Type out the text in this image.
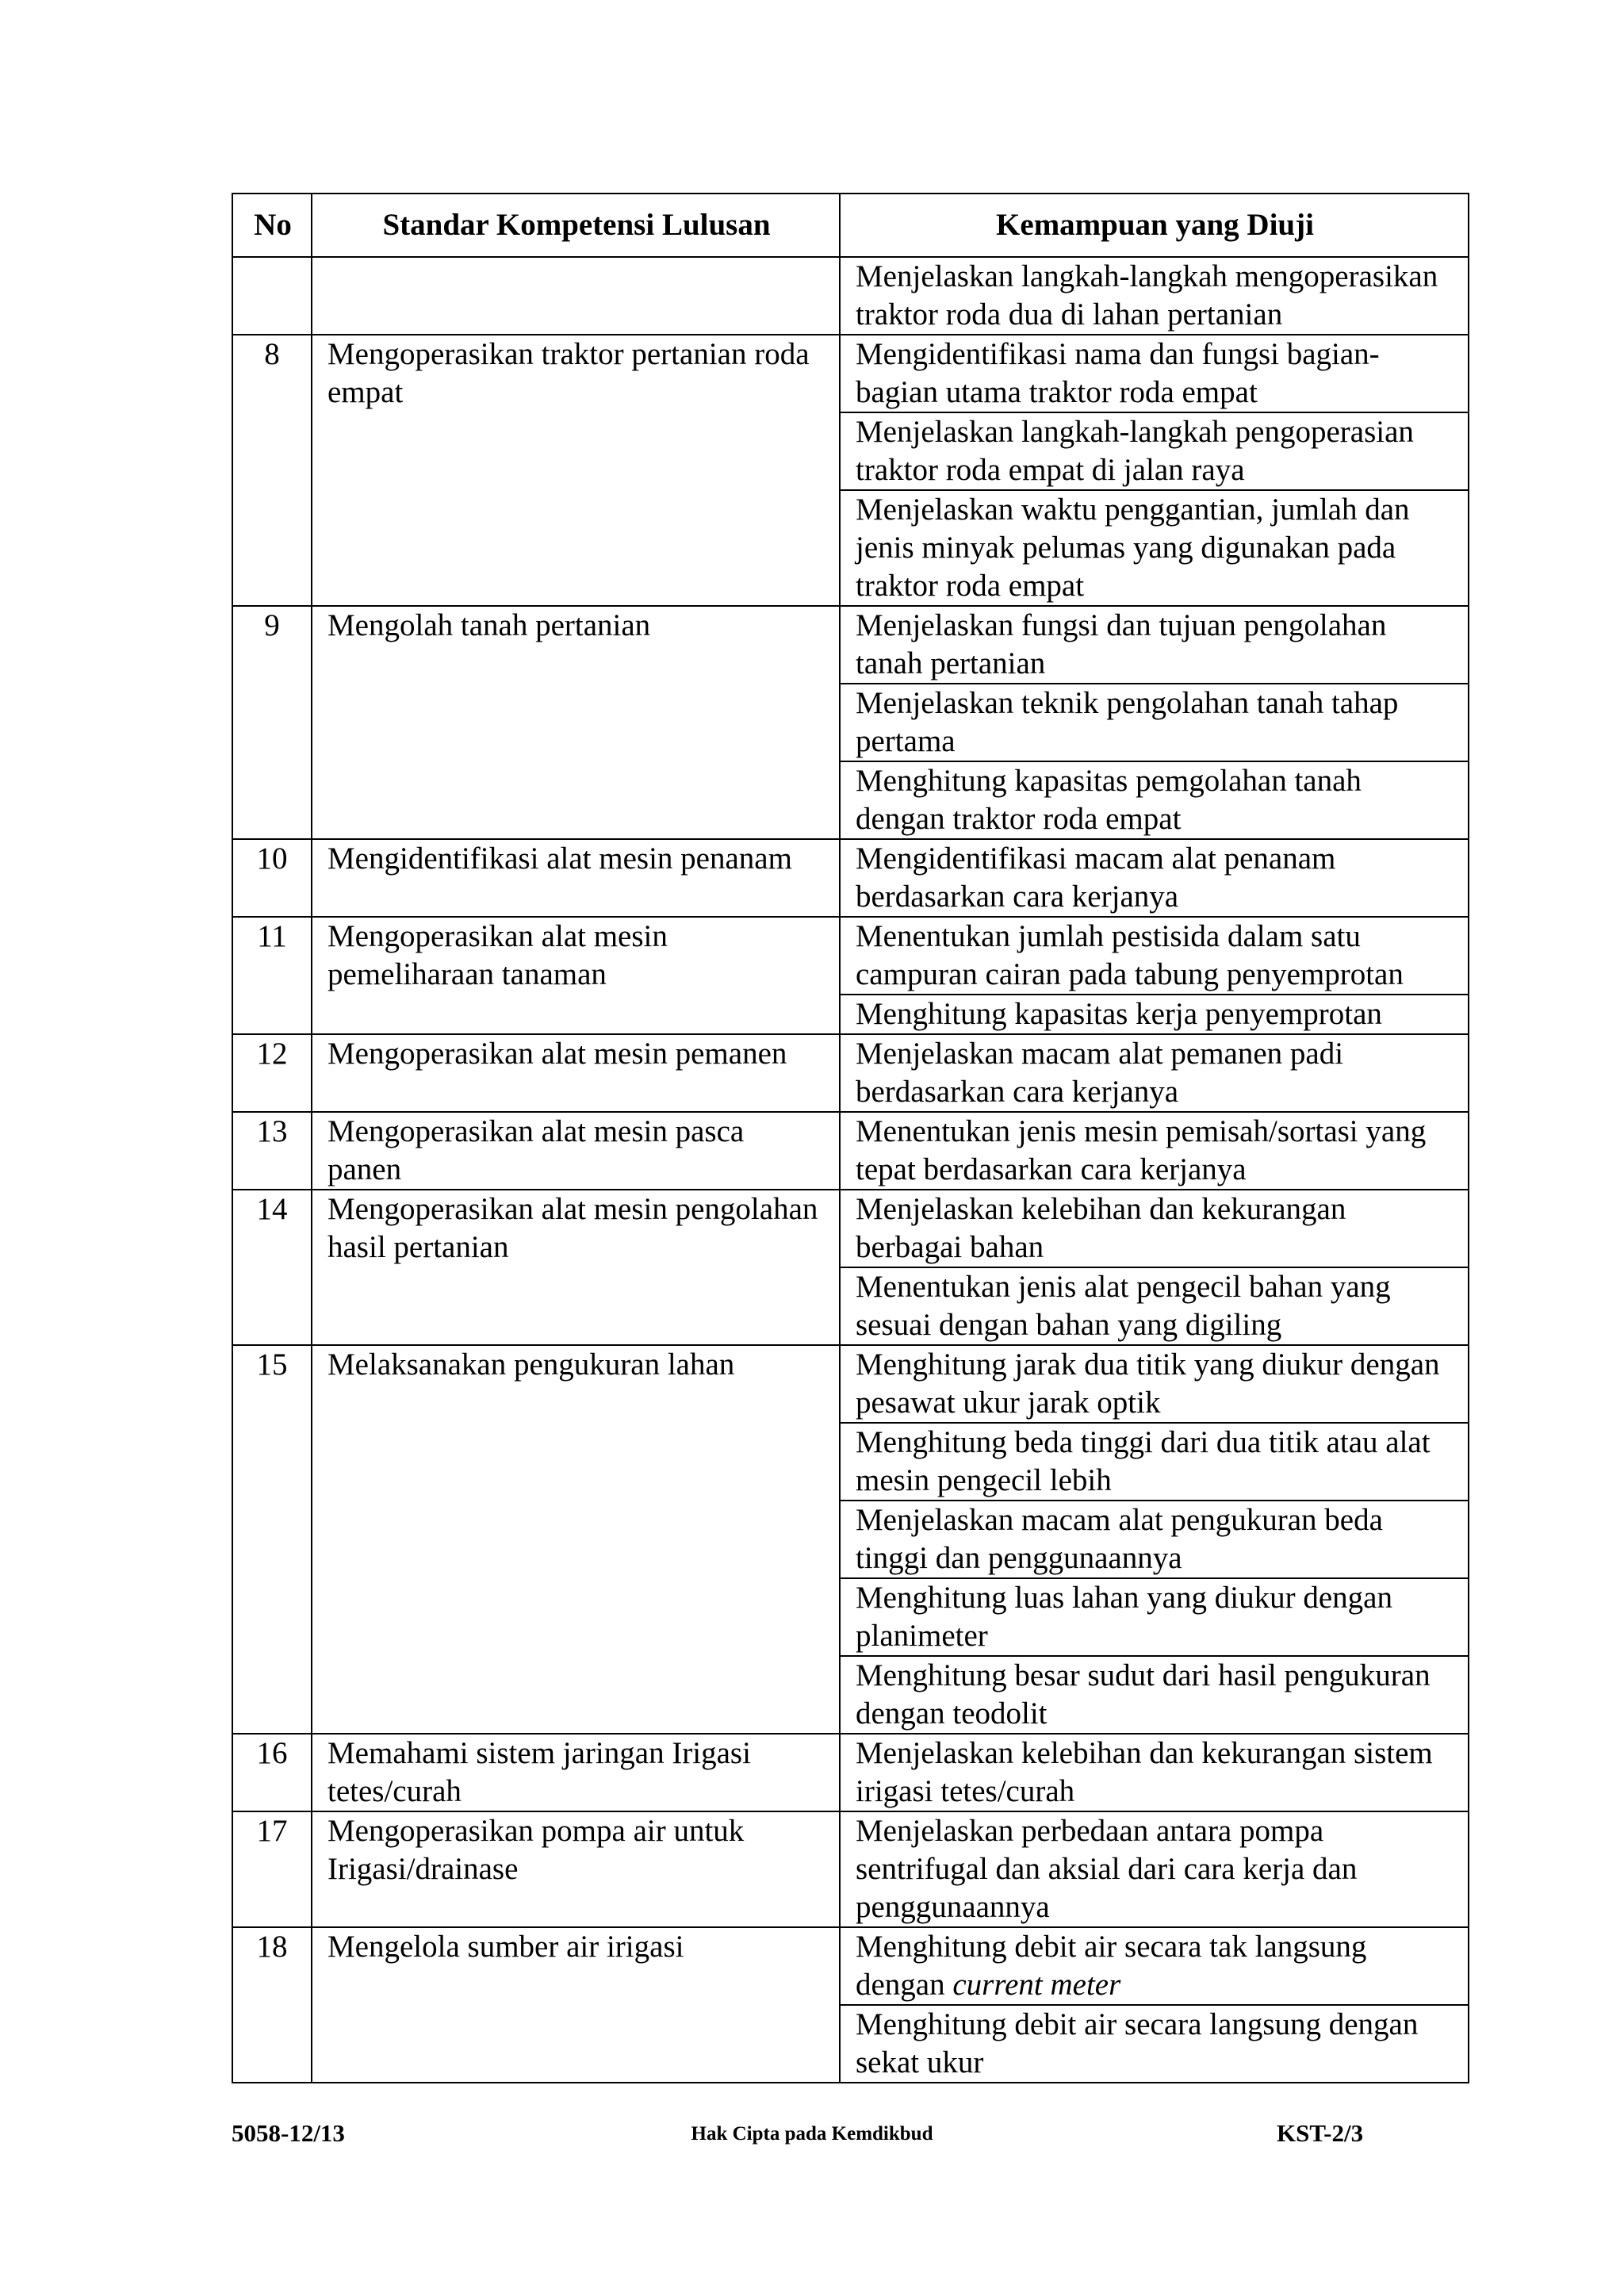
No	Standar Kompetensi Lulusan	Kemampuan yang Diuji
		Menjelaskan langkah-langkah mengoperasikan traktor roda dua di lahan pertanian
8	Mengoperasikan traktor pertanian roda empat	Mengidentifikasi nama dan fungsi bagian-bagian utama traktor roda empat
		Menjelaskan langkah-langkah pengoperasian traktor roda empat di jalan raya
		Menjelaskan waktu penggantian, jumlah dan jenis minyak pelumas yang digunakan pada traktor roda empat
9	Mengolah tanah pertanian	Menjelaskan fungsi dan tujuan pengolahan tanah pertanian
		Menjelaskan teknik pengolahan tanah tahap pertama
		Menghitung kapasitas pemgolahan tanah dengan traktor roda empat
10	Mengidentifikasi alat mesin penanam	Mengidentifikasi macam alat penanam berdasarkan cara kerjanya
11	Mengoperasikan alat mesin pemeliharaan tanaman	Menentukan jumlah pestisida dalam satu campuran cairan pada tabung penyemprotan
		Menghitung kapasitas kerja penyemprotan
12	Mengoperasikan alat mesin pemanen	Menjelaskan macam alat pemanen padi berdasarkan cara kerjanya
13	Mengoperasikan alat mesin pasca panen	Menentukan jenis mesin pemisah/sortasi yang tepat berdasarkan cara kerjanya
14	Mengoperasikan alat mesin pengolahan hasil pertanian	Menjelaskan kelebihan dan kekurangan berbagai bahan
		Menentukan jenis alat pengecil bahan yang sesuai dengan bahan yang digiling
15	Melaksanakan pengukuran lahan	Menghitung jarak dua titik yang diukur dengan pesawat ukur jarak optik
		Menghitung beda tinggi dari dua titik atau alat mesin pengecil lebih
		Menjelaskan macam alat pengukuran beda tinggi dan penggunaannya
		Menghitung luas lahan yang diukur dengan planimeter
		Menghitung besar sudut dari hasil pengukuran dengan teodolit
16	Memahami sistem jaringan Irigasi tetes/curah	Menjelaskan kelebihan dan kekurangan sistem irigasi tetes/curah
17	Mengoperasikan pompa air untuk Irigasi/drainase	Menjelaskan perbedaan antara pompa sentrifugal dan aksial dari cara kerja dan penggunaannya
18	Mengelola sumber air irigasi	Menghitung debit air secara tak langsung dengan current meter
		Menghitung debit air secara langsung dengan sekat ukur
5058-12/13	Hak Cipta pada Kemdikbud	KST-2/3
